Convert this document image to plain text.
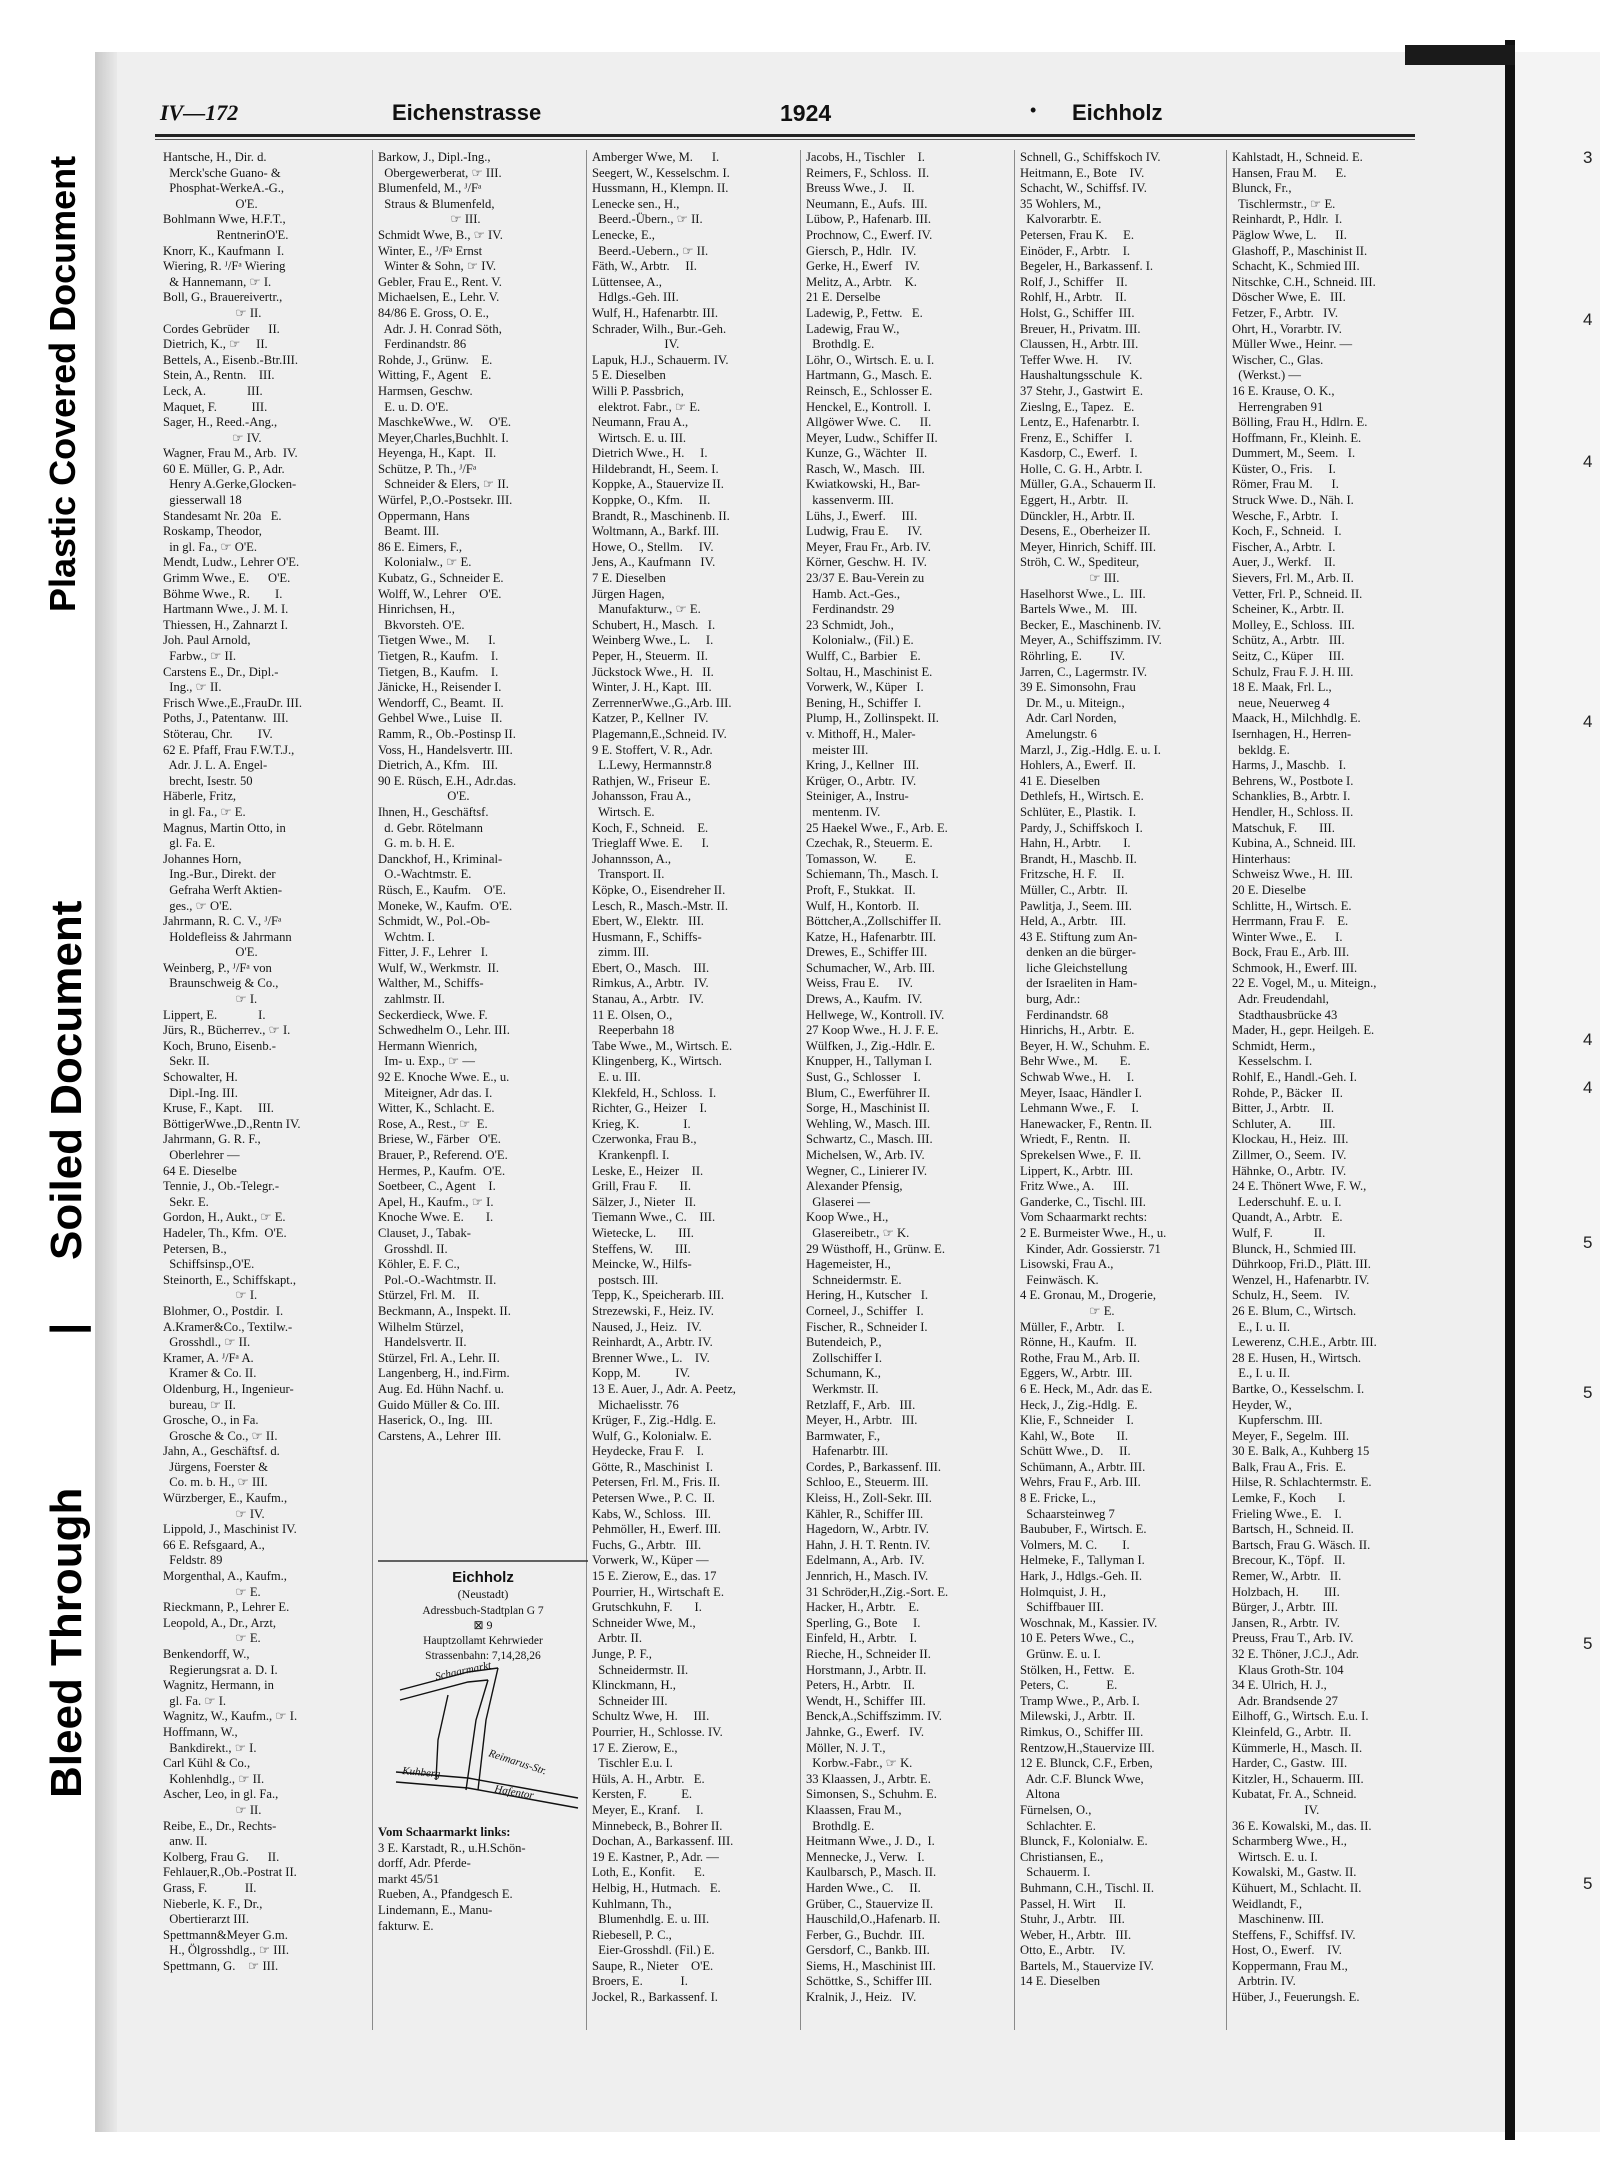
Plastic Covered Document
Soiled Document
|
Bleed Through
3
4
4
4
4
4
5
5
5
5
IV—172	Eichenstrasse	1924	• Eichholz
Hantsche, H., Dir. d.
Merck'sche Guano- &
Phosphat-WerkeA.-G.,
O'E.
Bohlmann Wwe, H.F.T.,
RentnerinO'E.
Knorr, K., Kaufmann  I.
Wiering, R. ᴶ/Fᵃ Wiering
& Hannemann, ☞ I.
Boll, G., Brauereivertr.,
☞ II.
Cordes Gebrüder      II.
Dietrich, K., ☞     II.
Bettels, A., Eisenb.-Btr.III.
Stein, A., Rentn.    III.
Leck, A.             III.
Maquet, F.           III.
Sager, H., Reed.-Ang.,
☞ IV.
Wagner, Frau M., Arb.  IV.
60 E. Müller, G. P., Adr.
Henry A.Gerke,Glocken-
giesserwall 18
Standesamt Nr. 20a   E.
Roskamp, Theodor,
in gl. Fa., ☞ O'E.
Mendt, Ludw., Lehrer O'E.
Grimm Wwe., E.      O'E.
Böhme Wwe., R.        I.
Hartmann Wwe., J. M. I.
Thiessen, H., Zahnarzt I.
Joh. Paul Arnold,
Farbw., ☞ II.
Carstens E., Dr., Dipl.-
Ing., ☞ II.
Frisch Wwe.,E.,FrauDr. III.
Poths, J., Patentanw.  III.
Stöterau, Chr.        IV.
62 E. Pfaff, Frau F.W.T.J.,
Adr. J. L. A. Engel-
brecht, Isestr. 50
Häberle, Fritz,
in gl. Fa., ☞ E.
Magnus, Martin Otto, in
gl. Fa. E.
Johannes Horn,
Ing.-Bur., Direkt. der
Gefraha Werft Aktien-
ges., ☞ O'E.
Jahrmann, R. C. V., ᴶ/Fᵃ
Holdefleiss & Jahrmann
O'E.
Weinberg, P., ᴶ/Fᵃ von
Braunschweig & Co.,
☞ I.
Lippert, E.             I.
Jürs, R., Bücherrev., ☞ I.
Koch, Bruno, Eisenb.-
Sekr. II.
Schowalter, H.
Dipl.-Ing. III.
Kruse, F., Kapt.     III.
BöttigerWwe.,D.,Rentn IV.
Jahrmann, G. R. F.,
Oberlehrer —
64 E. Dieselbe
Tennie, J., Ob.-Telegr.-
Sekr. E.
Gordon, H., Aukt., ☞ E.
Hadeler, Th., Kfm.  O'E.
Petersen, B.,
Schiffsinsp.,O'E.
Steinorth, E., Schiffskapt.,
☞ I.
Blohmer, O., Postdir.  I.
A.Kramer&Co., Textilw.-
Grosshdl., ☞ II.
Kramer, A. ᴶ/Fᵃ A.
Kramer & Co. II.
Oldenburg, H., Ingenieur-
bureau, ☞ II.
Grosche, O., in Fa.
Grosche & Co., ☞ II.
Jahn, A., Geschäftsf. d.
Jürgens, Foerster &
Co. m. b. H., ☞ III.
Würzberger, E., Kaufm.,
☞ IV.
Lippold, J., Maschinist IV.
66 E. Refsgaard, A.,
Feldstr. 89
Morgenthal, A., Kaufm.,
☞ E.
Rieckmann, P., Lehrer E.
Leopold, A., Dr., Arzt,
☞ E.
Benkendorff, W.,
Regierungsrat a. D. I.
Wagnitz, Hermann, in
gl. Fa. ☞ I.
Wagnitz, W., Kaufm., ☞ I.
Hoffmann, W.,
Bankdirekt., ☞ I.
Carl Kühl & Co.,
Kohlenhdlg., ☞ II.
Ascher, Leo, in gl. Fa.,
☞ II.
Reibe, E., Dr., Rechts-
anw. II.
Kolberg, Frau G.      II.
Fehlauer,R.,Ob.-Postrat II.
Grass, F.            II.
Nieberle, K. F., Dr.,
Obertierarzt III.
Spettmann&Meyer G.m.
H., Ölgrosshdlg., ☞ III.
Spettmann, G.    ☞ III.
Barkow, J., Dipl.-Ing.,
Obergewerberat, ☞ III.
Blumenfeld, M., ᴶ/Fᵃ
Straus & Blumenfeld,
☞ III.
Schmidt Wwe, B., ☞ IV.
Winter, E., ᴶ/Fᵃ Ernst
Winter & Sohn, ☞ IV.
Gebler, Frau E., Rent. V.
Michaelsen, E., Lehr. V.
84/86 E. Gross, O. E.,
Adr. J. H. Conrad Söth,
Ferdinandstr. 86
Rohde, J., Grünw.    E.
Witting, F., Agent    E.
Harmsen, Geschw.
E. u. D. O'E.
MaschkeWwe., W.     O'E.
Meyer,Charles,Buchhlt. I.
Heyenga, H., Kapt.   II.
Schütze, P. Th., ᴶ/Fᵃ
Schneider & Elers, ☞ II.
Würfel, P.,O.-Postsekr. III.
Oppermann, Hans
Beamt. III.
86 E. Eimers, F.,
Kolonialw., ☞ E.
Kubatz, G., Schneider E.
Wolff, W., Lehrer    O'E.
Hinrichsen, H.,
Bkvorsteh. O'E.
Tietgen Wwe., M.      I.
Tietgen, R., Kaufm.    I.
Tietgen, B., Kaufm.    I.
Jänicke, H., Reisender I.
Wendorff, C., Beamt.  II.
Gehbel Wwe., Luise   II.
Ramm, R., Ob.-Postinsp II.
Voss, H., Handelsvertr. III.
Dietrich, A., Kfm.    III.
90 E. Rüsch, E.H., Adr.das.
O'E.
Ihnen, H., Geschäftsf.
d. Gebr. Rötelmann
G. m. b. H. E.
Danckhof, H., Kriminal-
O.-Wachtmstr. E.
Rüsch, E., Kaufm.    O'E.
Moneke, W., Kaufm.  O'E.
Schmidt, W., Pol.-Ob-
Wchtm. I.
Fitter, J. F., Lehrer   I.
Wulf, W., Werkmstr.  II.
Walther, M., Schiffs-
zahlmstr. II.
Seckerdieck, Wwe. F.
Schwedhelm O., Lehr. III.
Hermann Wienrich,
Im- u. Exp., ☞ —
92 E. Knoche Wwe. E., u.
Miteigner, Adr das. I.
Witter, K., Schlacht. E.
Rose, A., Rest., ☞  E.
Briese, W., Färber   O'E.
Brauer, P., Referend. O'E.
Hermes, P., Kaufm.  O'E.
Soetbeer, C., Agent    I.
Apel, H., Kaufm., ☞ I.
Knoche Wwe. E.       I.
Clauset, J., Tabak-
Grosshdl. II.
Köhler, E. F. C.,
Pol.-O.-Wachtmstr. II.
Stürzel, Frl. M.    II.
Beckmann, A., Inspekt. II.
Wilhelm Stürzel,
Handelsvertr. II.
Stürzel, Frl. A., Lehr. II.
Langenberg, H., ind.Firm.
Aug. Ed. Hühn Nachf. u.
Guido Müller & Co. III.
Haserick, O., Ing.   III.
Carstens, A., Lehrer  III.
Amberger Wwe, M.      I.
Seegert, W., Kesselschm. I.
Hussmann, H., Klempn. II.
Lenecke sen., H.,
Beerd.-Übern., ☞ II.
Lenecke, E.,
Beerd.-Uebern., ☞ II.
Fäth, W., Arbtr.     II.
Lüttensee, A.,
Hdlgs.-Geh. III.
Wulf, H., Hafenarbtr. III.
Schrader, Wilh., Bur.-Geh.
IV.
Lapuk, H.J., Schauerm. IV.
5 E. Dieselben
Willi P. Passbrich,
elektrot. Fabr., ☞ E.
Neumann, Frau A.,
Wirtsch. E. u. III.
Dietrich Wwe., H.     I.
Hildebrandt, H., Seem. I.
Koppke, A., Stauervize II.
Koppke, O., Kfm.     II.
Brandt, R., Maschinenb. II.
Woltmann, A., Barkf. III.
Howe, O., Stellm.     IV.
Jens, A., Kaufmann   IV.
7 E. Dieselben
Jürgen Hagen,
Manufakturw., ☞ E.
Schubert, H., Masch.   I.
Weinberg Wwe., L.     I.
Peper, H., Steuerm.  II.
Jückstock Wwe., H.   II.
Winter, J. H., Kapt.  III.
ZerrennerWwe.,G.,Arb. III.
Katzer, P., Kellner   IV.
Plagemann,E.,Schneid. IV.
9 E. Stoffert, V. R., Adr.
L.Lewy, Hermannstr.8
Rathjen, W., Friseur  E.
Johansson, Frau A.,
Wirtsch. E.
Koch, F., Schneid.    E.
Trieglaff Wwe. E.      I.
Johannsson, A.,
Transport. II.
Köpke, O., Eisendreher II.
Lesch, R., Masch.-Mstr. II.
Ebert, W., Elektr.   III.
Husmann, F., Schiffs-
zimm. III.
Ebert, O., Masch.    III.
Rimkus, A., Arbtr.   IV.
Stanau, A., Arbtr.   IV.
11 E. Olsen, O.,
Reeperbahn 18
Tabe Wwe., M., Wirtsch. E.
Klingenberg, K., Wirtsch.
E. u. III.
Klekfeld, H., Schloss.  I.
Richter, G., Heizer    I.
Krieg, K.              I.
Czerwonka, Frau B.,
Krankenpfl. I.
Leske, E., Heizer    II.
Grill, Frau F.       II.
Sälzer, J., Nieter   II.
Tiemann Wwe., C.    III.
Wietecke, L.       III.
Steffens, W.       III.
Meincke, W., Hilfs-
postsch. III.
Tepp, K., Speicherarb. III.
Strezewski, F., Heiz. IV.
Naused, J., Heiz.   IV.
Reinhardt, A., Arbtr. IV.
Brenner Wwe., L.    IV.
Kopp, M.           IV.
13 E. Auer, J., Adr. A. Peetz,
Michaelisstr. 76
Krüger, F., Zig.-Hdlg. E.
Wulf, G., Kolonialw. E.
Heydecke, Frau F.    I.
Götte, R., Maschinist  I.
Petersen, Frl. M., Fris. II.
Petersen Wwe., P. C.  II.
Kabs, W., Schloss.   III.
Pehmöller, H., Ewerf. III.
Fuchs, G., Arbtr.   III.
Vorwerk, W., Küper —
15 E. Zierow, E., das. 17
Pourrier, H., Wirtschaft E.
Grutschkuhn, F.       I.
Schneider Wwe, M.,
Arbtr. II.
Junge, P. F.,
Schneidermstr. II.
Klinckmann, H.,
Schneider III.
Schultz Wwe, H.     III.
Pourrier, H., Schlosse. IV.
17 E. Zierow, E.,
Tischler E.u. I.
Hüls, A. H., Arbtr.   E.
Kersten, F.           E.
Meyer, E., Kranf.     I.
Minnebeck, B., Bohrer II.
Dochan, A., Barkassenf. III.
19 E. Kastner, P., Adr. —
Loth, E., Konfit.      E.
Helbig, H., Hutmach.   E.
Kuhlmann, Th.,
Blumenhdlg. E. u. III.
Riebesell, P. C.,
Eier-Grosshdl. (Fil.) E.
Saupe, R., Nieter    O'E.
Broers, E.            I.
Jockel, R., Barkassenf. I.
Jacobs, H., Tischler    I.
Reimers, F., Schloss.  II.
Breuss Wwe., J.     II.
Neumann, E., Aufs.  III.
Lübow, P., Hafenarb. III.
Prochnow, C., Ewerf. IV.
Giersch, P., Hdlr.   IV.
Gerke, H., Ewerf    IV.
Melitz, A., Arbtr.    K.
21 E. Derselbe
Ladewig, P., Fettw.   E.
Ladewig, Frau W.,
Brothdlg. E.
Löhr, O., Wirtsch. E. u. I.
Hartmann, G., Masch. E.
Reinsch, E., Schlosser E.
Henckel, E., Kontroll.  I.
Allgöwer Wwe. C.      II.
Meyer, Ludw., Schiffer II.
Kunze, G., Wächter   II.
Rasch, W., Masch.   III.
Kwiatkowski, H., Bar-
kassenverm. III.
Lühs, J., Ewerf.     III.
Ludwig, Frau E.      IV.
Meyer, Frau Fr., Arb. IV.
Körner, Geschw. H.  IV.
23/37 E. Bau-Verein zu
Hamb. Act.-Ges.,
Ferdinandstr. 29
23 Schmidt, Joh.,
Kolonialw., (Fil.) E.
Wulff, C., Barbier    E.
Soltau, H., Maschinist E.
Vorwerk, W., Küper   I.
Bening, H., Schiffer  I.
Plump, H., Zollinspekt. II.
v. Mithoff, H., Maler-
meister III.
Kring, J., Kellner   III.
Krüger, O., Arbtr.  IV.
Steiniger, A., Instru-
mentenm. IV.
25 Haekel Wwe., F., Arb. E.
Czechak, R., Steuerm. E.
Tomasson, W.         E.
Schiemann, Th., Masch. I.
Proft, F., Stukkat.   II.
Wulf, H., Kontorb.  II.
Böttcher,A.,Zollschiffer II.
Katze, H., Hafenarbtr. III.
Drewes, E., Schiffer III.
Schumacher, W., Arb. III.
Weiss, Frau E.      IV.
Drews, A., Kaufm.  IV.
Hellwege, W., Kontroll. IV.
27 Koop Wwe., H. J. F. E.
Wülfken, J., Zig.-Hdlr. E.
Knupper, H., Tallyman I.
Sust, G., Schlosser    I.
Blum, C., Ewerführer II.
Sorge, H., Maschinist II.
Wehling, W., Masch. III.
Schwartz, C., Masch. III.
Michelsen, W., Arb. IV.
Wegner, C., Linierer IV.
Alexander Pfensig,
Glaserei —
Koop Wwe., H.,
Glasereibetr., ☞ K.
29 Wüsthoff, H., Grünw. E.
Hagemeister, H.,
Schneidermstr. E.
Hering, H., Kutscher   I.
Corneel, J., Schiffer   I.
Fischer, R., Schneider I.
Butendeich, P.,
Zollschiffer I.
Schumann, K.,
Werkmstr. II.
Retzlaff, F., Arb.   III.
Meyer, H., Arbtr.   III.
Barmwater, F.,
Hafenarbtr. III.
Cordes, P., Barkassenf. III.
Schloo, E., Steuerm. III.
Kleiss, H., Zoll-Sekr. III.
Kähler, R., Schiffer III.
Hagedorn, W., Arbtr. IV.
Hahn, J. H. T. Rentn. IV.
Edelmann, A., Arb.  IV.
Jennrich, H., Masch. IV.
31 Schröder,H.,Zig.-Sort. E.
Hacker, H., Arbtr.    E.
Sperling, G., Bote     I.
Einfeld, H., Arbtr.    I.
Rieche, H., Schneider II.
Horstmann, J., Arbtr. II.
Peters, H., Arbtr.    II.
Wendt, H., Schiffer  III.
Benck,A.,Schiffszimm. IV.
Jahnke, G., Ewerf.   IV.
Möller, N. J. T.,
Korbw.-Fabr., ☞ K.
33 Klaassen, J., Arbtr. E.
Simonsen, S., Schuhm. E.
Klaassen, Frau M.,
Brothdlg. E.
Heitmann Wwe., J. D.,  I.
Mennecke, J., Verw.   I.
Kaulbarsch, P., Masch. II.
Harden Wwe., C.     II.
Grüber, C., Stauervize II.
Hauschild,O.,Hafenarb. II.
Ferber, G., Buchdr.  III.
Gersdorf, C., Bankb. III.
Siems, H., Maschinist III.
Schöttke, S., Schiffer III.
Kralnik, J., Heiz.   IV.
Schnell, G., Schiffskoch IV.
Heitmann, E., Bote    IV.
Schacht, W., Schiffsf. IV.
35 Wohlers, M.,
Kalvorarbtr. E.
Petersen, Frau K.     E.
Einöder, F., Arbtr.    I.
Begeler, H., Barkassenf. I.
Rolf, J., Schiffer    II.
Rohlf, H., Arbtr.    II.
Holst, G., Schiffer  III.
Breuer, H., Privatm. III.
Claussen, H., Arbtr. III.
Teffer Wwe. H.      IV.
Haushaltungsschule   K.
37 Stehr, J., Gastwirt  E.
Zieslng, E., Tapez.   E.
Lentz, E., Hafenarbtr. I.
Frenz, E., Schiffer    I.
Kasdorp, C., Ewerf.   I.
Holle, C. G. H., Arbtr. I.
Müller, G.A., Schauerm II.
Eggert, H., Arbtr.   II.
Dünckler, H., Arbtr. II.
Desens, E., Oberheizer II.
Meyer, Hinrich, Schiff. III.
Ströh, C. W., Spediteur,
☞ III.
Haselhorst Wwe., L.  III.
Bartels Wwe., M.    III.
Becker, E., Maschinenb. IV.
Meyer, A., Schiffszimm. IV.
Röhrling, E.         IV.
Jarren, C., Lagermstr. IV.
39 E. Simonsohn, Frau
Dr. M., u. Miteign.,
Adr. Carl Norden,
Amelungstr. 6
Marzl, J., Zig.-Hdlg. E. u. I.
Hohlers, A., Ewerf.  II.
41 E. Dieselben
Dethlefs, H., Wirtsch. E.
Schlüter, E., Plastik.  I.
Pardy, J., Schiffskoch  I.
Hahn, H., Arbtr.       I.
Brandt, H., Maschb. II.
Fritzsche, H. F.     II.
Müller, C., Arbtr.   II.
Pawlitja, J., Seem. III.
Held, A., Arbtr.    III.
43 E. Stiftung zum An-
denken an die bürger-
liche Gleichstellung
der Israeliten in Ham-
burg, Adr.:
Ferdinandstr. 68
Hinrichs, H., Arbtr.  E.
Beyer, H. W., Schuhm. E.
Behr Wwe., M.       E.
Schwab Wwe., H.     I.
Meyer, Isaac, Händler I.
Lehmann Wwe., F.     I.
Hanewacker, F., Rentn. II.
Wriedt, F., Rentn.   II.
Sprekelsen Wwe., F.  II.
Lippert, K., Arbtr.  III.
Fritz Wwe., A.      III.
Ganderke, C., Tischl. III.
Vom Schaarmarkt rechts:
2 E. Burmeister Wwe., H., u.
Kinder, Adr. Gossierstr. 71
Lisowski, Frau A.,
Feinwäsch. K.
4 E. Gronau, M., Drogerie,
☞ E.
Müller, F., Arbtr.    I.
Rönne, H., Kaufm.   II.
Rothe, Frau M., Arb. II.
Eggers, W., Arbtr.  III.
6 E. Heck, M., Adr. das E.
Heck, J., Zig.-Hdlg.  E.
Klie, F., Schneider    I.
Kahl, W., Bote       II.
Schütt Wwe., D.     II.
Schümann, A., Arbtr. III.
Wehrs, Frau F., Arb. III.
8 E. Fricke, L.,
Schaarsteinweg 7
Baububer, F., Wirtsch. E.
Volmers, M. C.        I.
Helmeke, F., Tallyman I.
Hark, J., Hdlgs.-Geh. II.
Holmquist, J. H.,
Schiffbauer III.
Woschnak, M., Kassier. IV.
10 E. Peters Wwe., C.,
Grünw. E. u. I.
Stölken, H., Fettw.   E.
Peters, C.            E.
Tramp Wwe., P., Arb. I.
Milewski, J., Arbtr.  II.
Rimkus, O., Schiffer III.
Rentzow,H.,Stauervize III.
12 E. Blunck, C.F., Erben,
Adr. C.F. Blunck Wwe,
Altona
Fürnelsen, O.,
Schlachter. E.
Blunck, F., Kolonialw. E.
Christiansen, E.,
Schauerm. I.
Buhmann, C.H., Tischl. II.
Passel, H. Wirt      II.
Stuhr, J., Arbtr.    III.
Weber, H., Arbtr.   III.
Otto, E., Arbtr.     IV.
Bartels, M., Stauervize IV.
14 E. Dieselben
Kahlstadt, H., Schneid. E.
Hansen, Frau M.      E.
Blunck, Fr.,
Tischlermstr., ☞ E.
Reinhardt, P., Hdlr.  I.
Päglow Wwe, L.      II.
Glashoff, P., Maschinist II.
Schacht, K., Schmied III.
Nitschke, C.H., Schneid. III.
Döscher Wwe, E.   III.
Fetzer, F., Arbtr.   IV.
Ohrt, H., Vorarbtr. IV.
Müller Wwe., Heinr. —
Wischer, C., Glas.
(Werkst.) —
16 E. Krause, O. K.,
Herrengraben 91
Bölling, Frau H., Hdlrn. E.
Hoffmann, Fr., Kleinh. E.
Dummert, M., Seem.   I.
Küster, O., Fris.     I.
Römer, Frau M.      I.
Struck Wwe. D., Näh. I.
Wesche, F., Arbtr.   I.
Koch, F., Schneid.   I.
Fischer, A., Arbtr.  I.
Auer, J., Werkf.    II.
Sievers, Frl. M., Arb. II.
Vetter, Frl. P., Schneid. II.
Scheiner, K., Arbtr. II.
Molley, E., Schloss.  III.
Schütz, A., Arbtr.   III.
Seitz, C., Küper     III.
Schulz, Frau F. J. H. III.
18 E. Maak, Frl. L.,
neue, Neuerweg 4
Maack, H., Milchhdlg. E.
Isernhagen, H., Herren-
bekldg. E.
Harms, J., Maschb.   I.
Behrens, W., Postbote I.
Schanklies, B., Arbtr. I.
Hendler, H., Schloss. II.
Matschuk, F.       III.
Kubina, A., Schneid. III.
Hinterhaus:
Schweisz Wwe., H.  III.
20 E. Dieselbe
Schlitte, H., Wirtsch. E.
Herrmann, Frau F.    E.
Winter Wwe., E.      I.
Bock, Frau E., Arb. III.
Schmook, H., Ewerf. III.
22 E. Vogel, M., u. Miteign.,
Adr. Freudendahl,
Stadthausbrücke 43
Mader, H., gepr. Heilgeh. E.
Schmidt, Herm.,
Kesselschm. I.
Rohlf, E., Handl.-Geh. I.
Rohde, P., Bäcker   II.
Bitter, J., Arbtr.    II.
Schluter, A.         III.
Klockau, H., Heiz.  III.
Zillmer, O., Seem.  IV.
Hähnke, O., Arbtr.  IV.
24 E. Thönert Wwe, F. W.,
Lederschuhf. E. u. I.
Quandt, A., Arbtr.   E.
Wulf, F.             II.
Blunck, H., Schmied III.
Dührkoop, Fri.D., Plätt. III.
Wenzel, H., Hafenarbtr. IV.
Schulz, H., Seem.    IV.
26 E. Blum, C., Wirtsch.
E., I. u. II.
Lewerenz, C.H.E., Arbtr. III.
28 E. Husen, H., Wirtsch.
E., I. u. II.
Bartke, O., Kesselschm. I.
Heyder, W.,
Kupferschm. III.
Meyer, F., Segelm.  III.
30 E. Balk, A., Kuhberg 15
Balk, Frau A., Fris.  E.
Hilse, R. Schlachtermstr. E.
Lemke, F., Koch       I.
Frieling Wwe., E.    I.
Bartsch, H., Schneid. II.
Bartsch, Frau G. Wäsch. II.
Brecour, K., Töpf.   II.
Remer, W., Arbtr.   II.
Holzbach, H.        III.
Bürger, J., Arbtr.  III.
Jansen, R., Arbtr.  IV.
Preuss, Frau T., Arb. IV.
32 E. Thöner, J.C.J., Adr.
Klaus Groth-Str. 104
34 E. Ulrich, H. J.,
Adr. Brandsende 27
Eilhoff, G., Wirtsch. E.u. I.
Kleinfeld, G., Arbtr.  II.
Kümmerle, H., Masch. II.
Harder, C., Gastw.  III.
Kitzler, H., Schauerm. III.
Kubatat, Fr. A., Schneid.
IV.
36 E. Kowalski, M., das. II.
Scharmberg Wwe., H.,
Wirtsch. E. u. I.
Kowalski, M., Gastw. II.
Kühuert, M., Schlacht. II.
Weidlandt, F.,
Maschinenw. III.
Steffens, F., Schiffsf. IV.
Host, O., Ewerf.    IV.
Koppermann, Frau M.,
Arbtrin. IV.
Hüber, J., Feuerungsh. E.
Eichholz
(Neustadt)
Adressbuch-Stadtplan G 7
⊠ 9
Hauptzollamt Kehrwieder
Strassenbahn: 7,14,28,26
Schaarmarkt
Reimarus-Str.
Kuhberg
Hafentor
Vom Schaarmarkt links:
3 E. Karstadt, R., u.H.Schön-
dorff, Adr. Pferde-
markt 45/51
Rueben, A., Pfandgesch E.
Lindemann, E., Manu-
fakturw. E.
